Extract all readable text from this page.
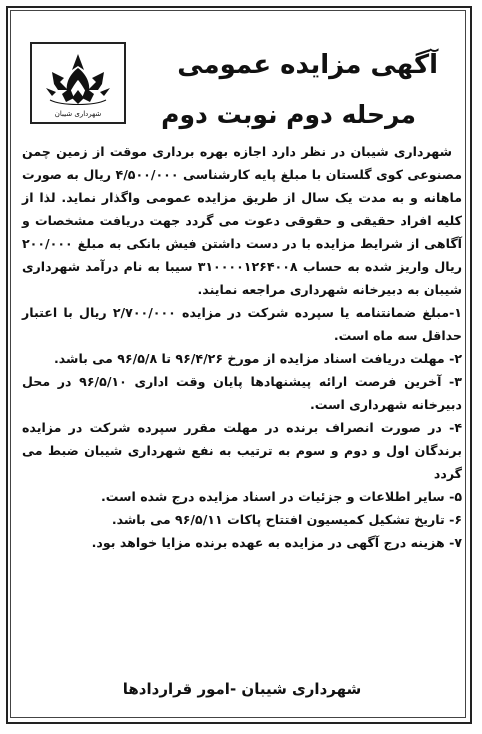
شهرداری شیبان
آگهی مزایده عمومی
مرحله دوم نوبت دوم

شهرداری شیبان در نظر دارد اجازه بهره برداری موقت از زمین چمن مصنوعی کوی گلستان با مبلغ پایه کارشناسی ۴/۵۰۰/۰۰۰ ریال به صورت ماهانه و به مدت یک سال از طریق مزایده عمومی واگذار نماید. لذا از کلیه افراد حقیقی و حقوقی دعوت می گردد جهت دریافت مشخصات و آگاهی از شرایط مزایده با در دست داشتن فیش بانکی به مبلغ ۲۰۰/۰۰۰ ریال واریز شده به حساب ۳۱۰۰۰۰۱۲۶۴۰۰۸ سیبا به نام درآمد شهرداری شیبان به دبیرخانه شهرداری مراجعه نمایند.

۱-مبلغ ضمانتنامه یا سپرده شرکت در مزایده ۲/۷۰۰/۰۰۰ ریال با اعتبار حداقل سه ماه است.

۲- مهلت دریافت اسناد مزایده از مورخ ۹۶/۴/۲۶ تا ۹۶/۵/۸ می باشد.

۳- آخرین فرصت ارائه پیشنهادها پایان وقت اداری ۹۶/۵/۱۰ در محل دبیرخانه شهرداری است.

۴- در صورت انصراف برنده در مهلت مقرر سپرده شرکت در مزایده برندگان اول و دوم و سوم به ترتیب به نفع شهرداری شیبان ضبط می گردد

۵- سایر اطلاعات و جزئیات در اسناد مزایده درج شده است.

۶- تاریخ تشکیل کمیسیون افتتاح پاکات ۹۶/۵/۱۱ می باشد.

۷- هزینه درج آگهی در مزایده به عهده برنده مزایا خواهد بود.

شهرداری شیبان -امور قراردادها
